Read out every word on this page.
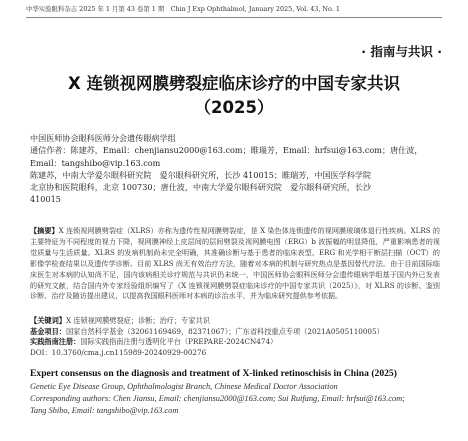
中华实验眼科杂志 2025 年 1 月第 43 卷第 1 期　Chin J Exp Ophthalmol, January 2025, Vol. 43, No. 1
· 指南与共识 ·
X 连锁视网膜劈裂症临床诊疗的中国专家共识
（2025）
中国医师协会眼科医师分会遗传眼病学组
通信作者：陈建苏，Email：chenjiansu2000@163.com；睢瑞芳，Email：hrfsui@163.com；唐仕波，
Email：tangshibo@vip.163.com
陈建苏，中南大学爱尔眼科研究院　爱尔眼科研究所，长沙 410015；睢瑞芳，中国医学科学院
北京协和医院眼科，北京 100730；唐仕波，中南大学爱尔眼科研究院　爱尔眼科研究所，长沙
410015
【摘要】X 连锁视网膜劈裂症（XLRS）亦称为遗传性视网膜劈裂症，是 X 染色体连锁遗传的视网膜玻璃体退行性疾病。XLRS 的主要特征为不同程度的视力下降，视网膜神经上皮层间的层间劈裂及视网膜电图（ERG）b 波振幅的明显降低，严重影响患者的视觉质量与生活质量。XLRS 的发病机制尚未完全明确，其准确诊断与基于患者的临床表型、ERG 和光学相干断层扫描（OCT）的影像学检查结果以及遗传学诊断。目前 XLRS 尚无有效治疗方法，随着对本病的机制与研究热点是基因替代疗法。由于目前国际临床医生对本病的认知尚不足，国内该病相关诊疗规范与共识仍未统一，中国医师协会眼科医师分会遗传眼病学组基于国内外已发表的研究文献，结合国内外专家经验组织编写了《X 连锁视网膜劈裂症临床诊疗的中国专家共识（2025）》，对 XLRS 的诊断、鉴别诊断、治疗及随访提出建议，以提高我国眼科医师对本病的诊治水平，并为临床研究提供参考依据。
【关键词】X 连锁视网膜劈裂症；诊断；治疗；专家共识
基金项目：国家自然科学基金（32061169469，82371067）；广东省科技重点专项（2021A0505110005）
实践指南注册：国际实践指南注册与透明化平台（PREPARE-2024CN474）
DOI：10.3760/cma.j.cn115989-20240929-00276
Expert consensus on the diagnosis and treatment of X-linked retinoschisis in China (2025)
Genetic Eye Disease Group, Ophthalmologist Branch, Chinese Medical Doctor Association
Corresponding authors: Chen Jiansu, Email: chenjiansu2000@163.com; Sui Ruifang, Email: hrfsui@163.com;
Tang Shibo, Email: tangshibo@vip.163.com
